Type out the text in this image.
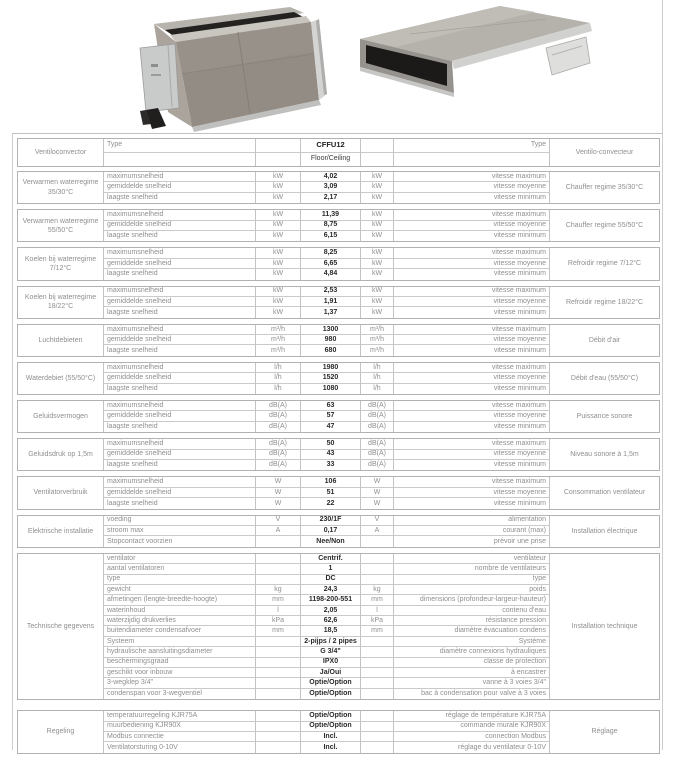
Ventiloconvector
Type	CFFU12	Type
Ventilo-convecteur
Floor/Ceiling
Verwarmen waterregime 35/30°C
maximumsnelheid	kW	4,02	kW	vitesse maximum
gemiddelde snelheid	kW	3,09	kW	vitesse moyenne
laagste snelheid	kW	2,17	kW	vitesse minimum
Chauffer regime 35/30°C
Verwarmen waterregime 55/50°C
maximumsnelheid	kW	11,39	kW	vitesse maximum
gemiddelde snelheid	kW	8,75	kW	vitesse moyenne
laagste snelheid	kW	6,15	kW	vitesse minimum
Chauffer regime 55/50°C
Koelen bij waterregime 7/12°C
maximumsnelheid	kW	8,25	kW	vitesse maximum
gemiddelde snelheid	kW	6,65	kW	vitesse moyenne
laagste snelheid	kW	4,84	kW	vitesse minimum
Refroidir regime 7/12°C
Koelen bij waterregime 18/22°C
maximumsnelheid	kW	2,53	kW	vitesse maximum
gemiddelde snelheid	kW	1,91	kW	vitesse moyenne
laagste snelheid	kW	1,37	kW	vitesse minimum
Refroidir regime 18/22°C
Luchtdebieten
maximumsnelheid	m³/h	1300	m³/h	vitesse maximum
gemiddelde snelheid	m³/h	980	m³/h	vitesse moyenne
laagste snelheid	m³/h	680	m³/h	vitesse minimum
Débit d'air
Waterdebiet (55/50°C)
maximumsnelheid	l/h	1980	l/h	vitesse maximum
gemiddelde snelheid	l/h	1520	l/h	vitesse moyenne
laagste snelheid	l/h	1080	l/h	vitesse minimum
Débit d'eau (55/50°C)
Geluidsvermogen
maximumsnelheid	dB(A)	63	dB(A)	vitesse maximum
gemiddelde snelheid	dB(A)	57	dB(A)	vitesse moyenne
laagste snelheid	dB(A)	47	dB(A)	vitesse minimum
Puissance sonore
Geluidsdruk op 1,5m
maximumsnelheid	dB(A)	50	dB(A)	vitesse maximum
gemiddelde snelheid	dB(A)	43	dB(A)	vitesse moyenne
laagste snelheid	dB(A)	33	dB(A)	vitesse minimum
Niveau sonore à 1,5m
Ventilatorverbruik
maximumsnelheid	W	106	W	vitesse maximum
gemiddelde snelheid	W	51	W	vitesse moyenne
laagste snelheid	W	22	W	vitesse minimum
Consommation ventilateur
Elektrische installatie
voeding	V	230/1F	V	alimentation
stroom max	A	0,17	A	courant (max)
Stopcontact voorzien	Nee/Non	prévoir une prise
Installation électrique
Technische gegevens
ventilator	Centrif.	ventilateur
aantal ventilatoren	1	nombre de ventilateurs
type	DC	type
gewicht	kg	24,3	kg	poids
afmetingen (lengte-breedte-hoogte)	mm	1198-200-551	mm	dimensions (profondeur-largeur-hauteur)
waterinhoud	l	2,05	l	contenu d'eau
waterzijdig drukverlies	kPa	62,6	kPa	résistance pression
buitendiameter condensafvoer	mm	18,5	mm	diamètre évacuation condens
Systeem	2-pijps / 2 pipes	Système
hydraulische aansluitingsdiameter	G 3/4"	diamètre connexions hydrauliques
beschermingsgraad	IPX0	classe de protection
geschikt voor inbouw	Ja/Oui	à encastrer
3-wegklep 3/4"	Optie/Option	vanne à 3 voies 3/4"
condenspan voor 3-wegventiel	Optie/Option	bac à condensation pour valve à 3 voies
Installation technique
Regeling
temperatuurregeling KJR75A	Optie/Option	réglage de température KJR75A
muurbediening KJR90X	Optie/Option	commande murale KJR90X
Modbus connectie	Incl.	connection Modbus
Ventilatorsturing 0-10V	Incl.	réglage du ventilateur 0-10V
Réglage
